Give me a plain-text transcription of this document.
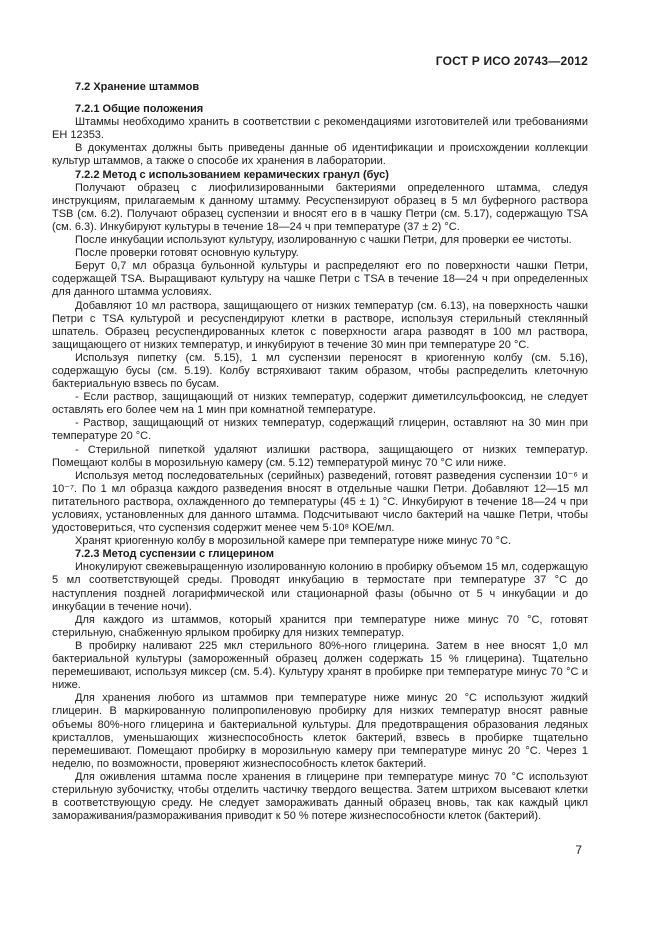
ГОСТ Р ИСО 20743—2012

7.2 Хранение штаммов

7.2.1 Общие положения

Штаммы необходимо хранить в соответствии с рекомендациями изготовителей или требованиями ЕН 12353.

В документах должны быть приведены данные об идентификации и происхождении коллекции культур штаммов, а также о способе их хранения в лаборатории.

7.2.2 Метод с использованием керамических гранул (бус)

Получают образец с лиофилизированными бактериями определенного штамма, следуя инструкциям, прилагаемым к данному штамму. Ресуспензируют образец в 5 мл буферного раствора TSB (см. 6.2). Получают образец суспензии и вносят его в в чашку Петри (см. 5.17), содержащую TSA (см. 6.3). Инкубируют культуры в течение 18—24 ч при температуре (37 ± 2) °С.

После инкубации используют культуру, изолированную с чашки Петри, для проверки ее чистоты.

После проверки готовят основную культуру.

Берут 0,7 мл образца бульонной культуры и распределяют его по поверхности чашки Петри, содержащей TSA. Выращивают культуру на чашке Петри с TSA в течение 18—24 ч при определенных для данного штамма условиях.

Добавляют 10 мл раствора, защищающего от низких температур (см. 6.13), на поверхность чашки Петри с TSA культурой и ресуспендируют клетки в растворе, используя стерильный стеклянный шпатель. Образец ресуспендированных клеток с поверхности агара разводят в 100 мл раствора, защищающего от низких температур, и инкубируют в течение 30 мин при температуре 20 °С.

Используя пипетку (см. 5.15), 1 мл суспензии переносят в криогенную колбу (см. 5.16), содержащую бусы (см. 5.19). Колбу встряхивают таким образом, чтобы распределить клеточную бактериальную взвесь по бусам.

- Если раствор, защищающий от низких температур, содержит диметилсульфооксид, не следует оставлять его более чем на 1 мин при комнатной температуре.

- Раствор, защищающий от низких температур, содержащий глицерин, оставляют на 30 мин при температуре 20 °С.

- Стерильной пипеткой удаляют излишки раствора, защищающего от низких температур. Помещают колбы в морозильную камеру (см. 5.12) температурой минус 70 °С или ниже.

Используя метод последовательных (серийных) разведений, готовят разведения суспензии 10⁻⁶ и 10⁻⁷. По 1 мл образца каждого разведения вносят в отдельные чашки Петри. Добавляют 12—15 мл питательного раствора, охлажденного до температуры (45 ± 1) °С. Инкубируют в течение 18—24 ч при условиях, установленных для данного штамма. Подсчитывают число бактерий на чашке Петри, чтобы удостовериться, что суспензия содержит менее чем 5·10⁸ КОЕ/мл.

Хранят криогенную колбу в морозильной камере при температуре ниже минус 70 °С.

7.2.3 Метод суспензии с глицерином

Инокулируют свежевыращенную изолированную колонию в пробирку объемом 15 мл, содержащую 5 мл соответствующей среды. Проводят инкубацию в термостате при температуре 37 °С до наступления поздней логарифмической или стационарной фазы (обычно от 5 ч инкубации и до инкубации в течение ночи).

Для каждого из штаммов, который хранится при температуре ниже минус 70 °С, готовят стерильную, снабженную ярлыком пробирку для низких температур.

В пробирку наливают 225 мкл стерильного 80%-ного глицерина. Затем в нее вносят 1,0 мл бактериальной культуры (замороженный образец должен содержать 15 % глицерина). Тщательно перемешивают, используя миксер (см. 5.4). Культуру хранят в пробирке при температуре минус 70 °С и ниже.

Для хранения любого из штаммов при температуре ниже минус 20 °С используют жидкий глицерин. В маркированную полипропиленовую пробирку для низких температур вносят равные объемы 80%-ного глицерина и бактериальной культуры. Для предотвращения образования ледяных кристаллов, уменьшающих жизнеспособность клеток бактерий, взвесь в пробирке тщательно перемешивают. Помещают пробирку в морозильную камеру при температуре минус 20 °С. Через 1 неделю, по возможности, проверяют жизнеспособность клеток бактерий.

Для оживления штамма после хранения в глицерине при температуре минус 70 °С используют стерильную зубочистку, чтобы отделить частичку твердого вещества. Затем штрихом высевают клетки в соответствующую среду. Не следует замораживать данный образец вновь, так как каждый цикл замораживания/размораживания приводит к 50 % потере жизнеспособности клеток (бактерий).

7
